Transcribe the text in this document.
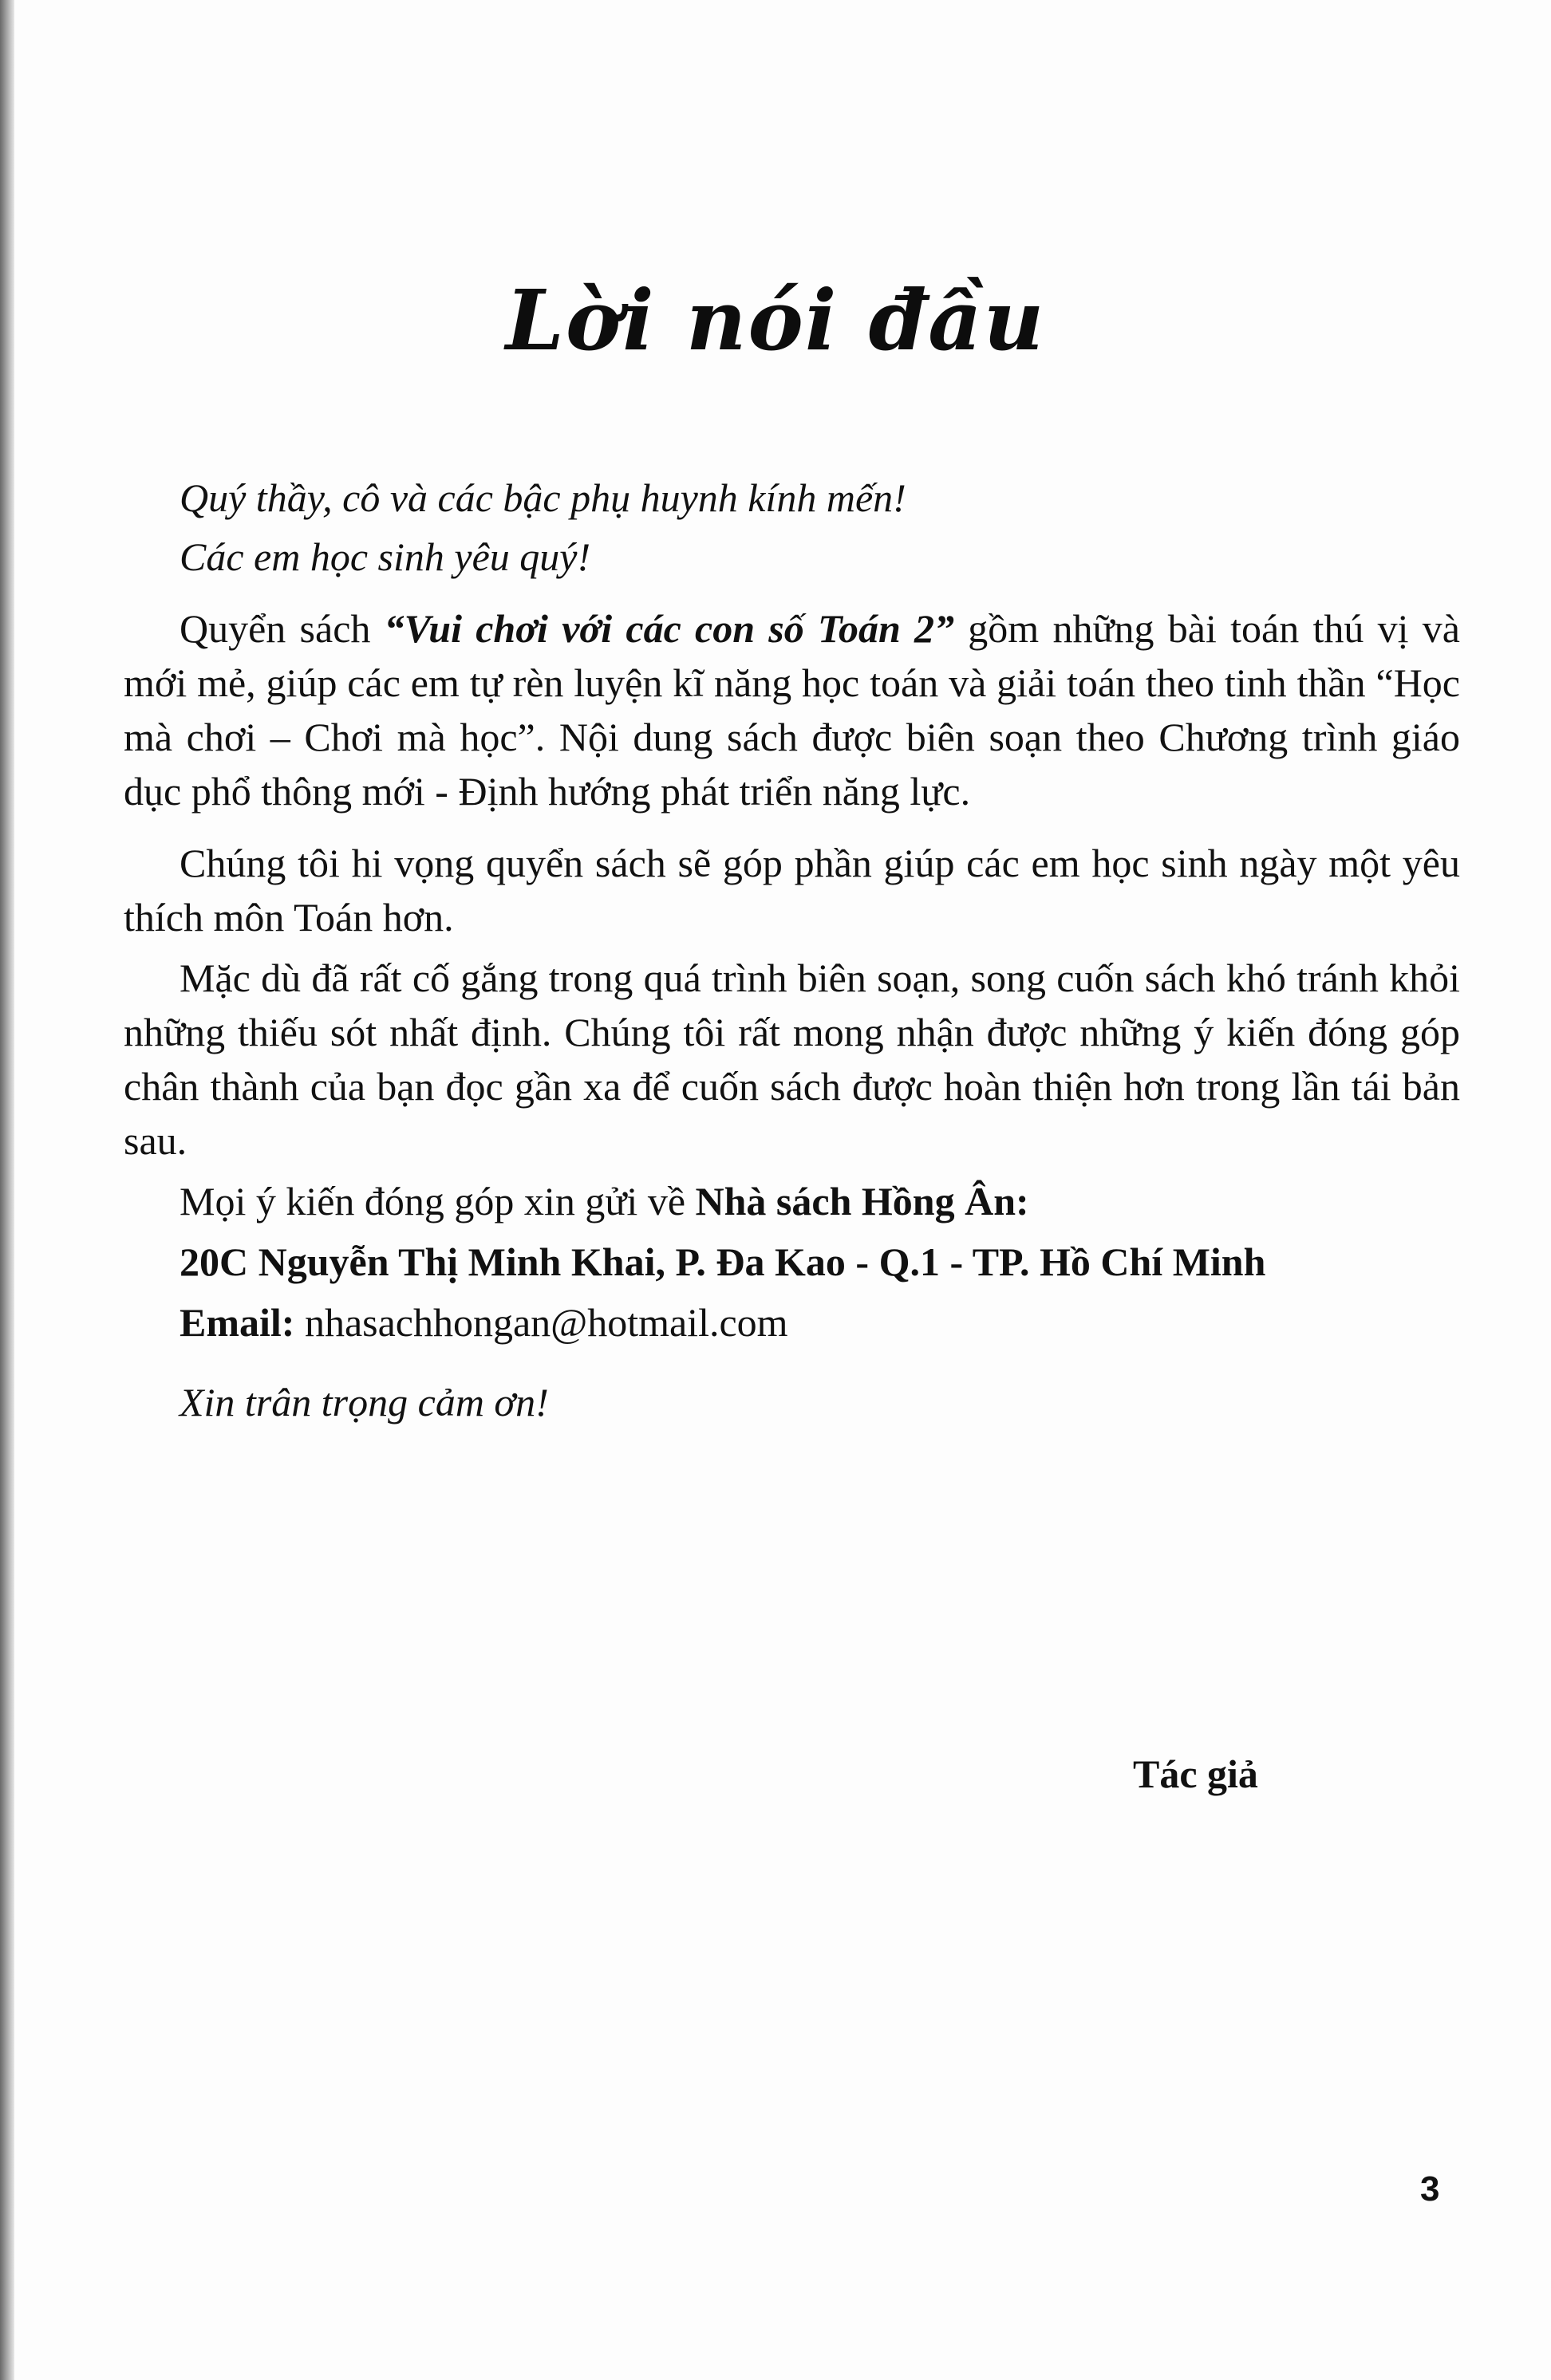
Lời nói đầu

Quý thầy, cô và các bậc phụ huynh kính mến!

Các em học sinh yêu quý!

Quyển sách “Vui chơi với các con số Toán 2” gồm những bài toán thú vị và mới mẻ, giúp các em tự rèn luyện kĩ năng học toán và giải toán theo tinh thần “Học mà chơi – Chơi mà học”. Nội dung sách được biên soạn theo Chương trình giáo dục phổ thông mới - Định hướng phát triển năng lực.

Chúng tôi hi vọng quyển sách sẽ góp phần giúp các em học sinh ngày một yêu thích môn Toán hơn.

Mặc dù đã rất cố gắng trong quá trình biên soạn, song cuốn sách khó tránh khỏi những thiếu sót nhất định. Chúng tôi rất mong nhận được những ý kiến đóng góp chân thành của bạn đọc gần xa để cuốn sách được hoàn thiện hơn trong lần tái bản sau.

Mọi ý kiến đóng góp xin gửi về Nhà sách Hồng Ân:

20C Nguyễn Thị Minh Khai, P. Đa Kao - Q.1 - TP. Hồ Chí Minh

Email: nhasachhongan@hotmail.com

Xin trân trọng cảm ơn!

Tác giả
3
